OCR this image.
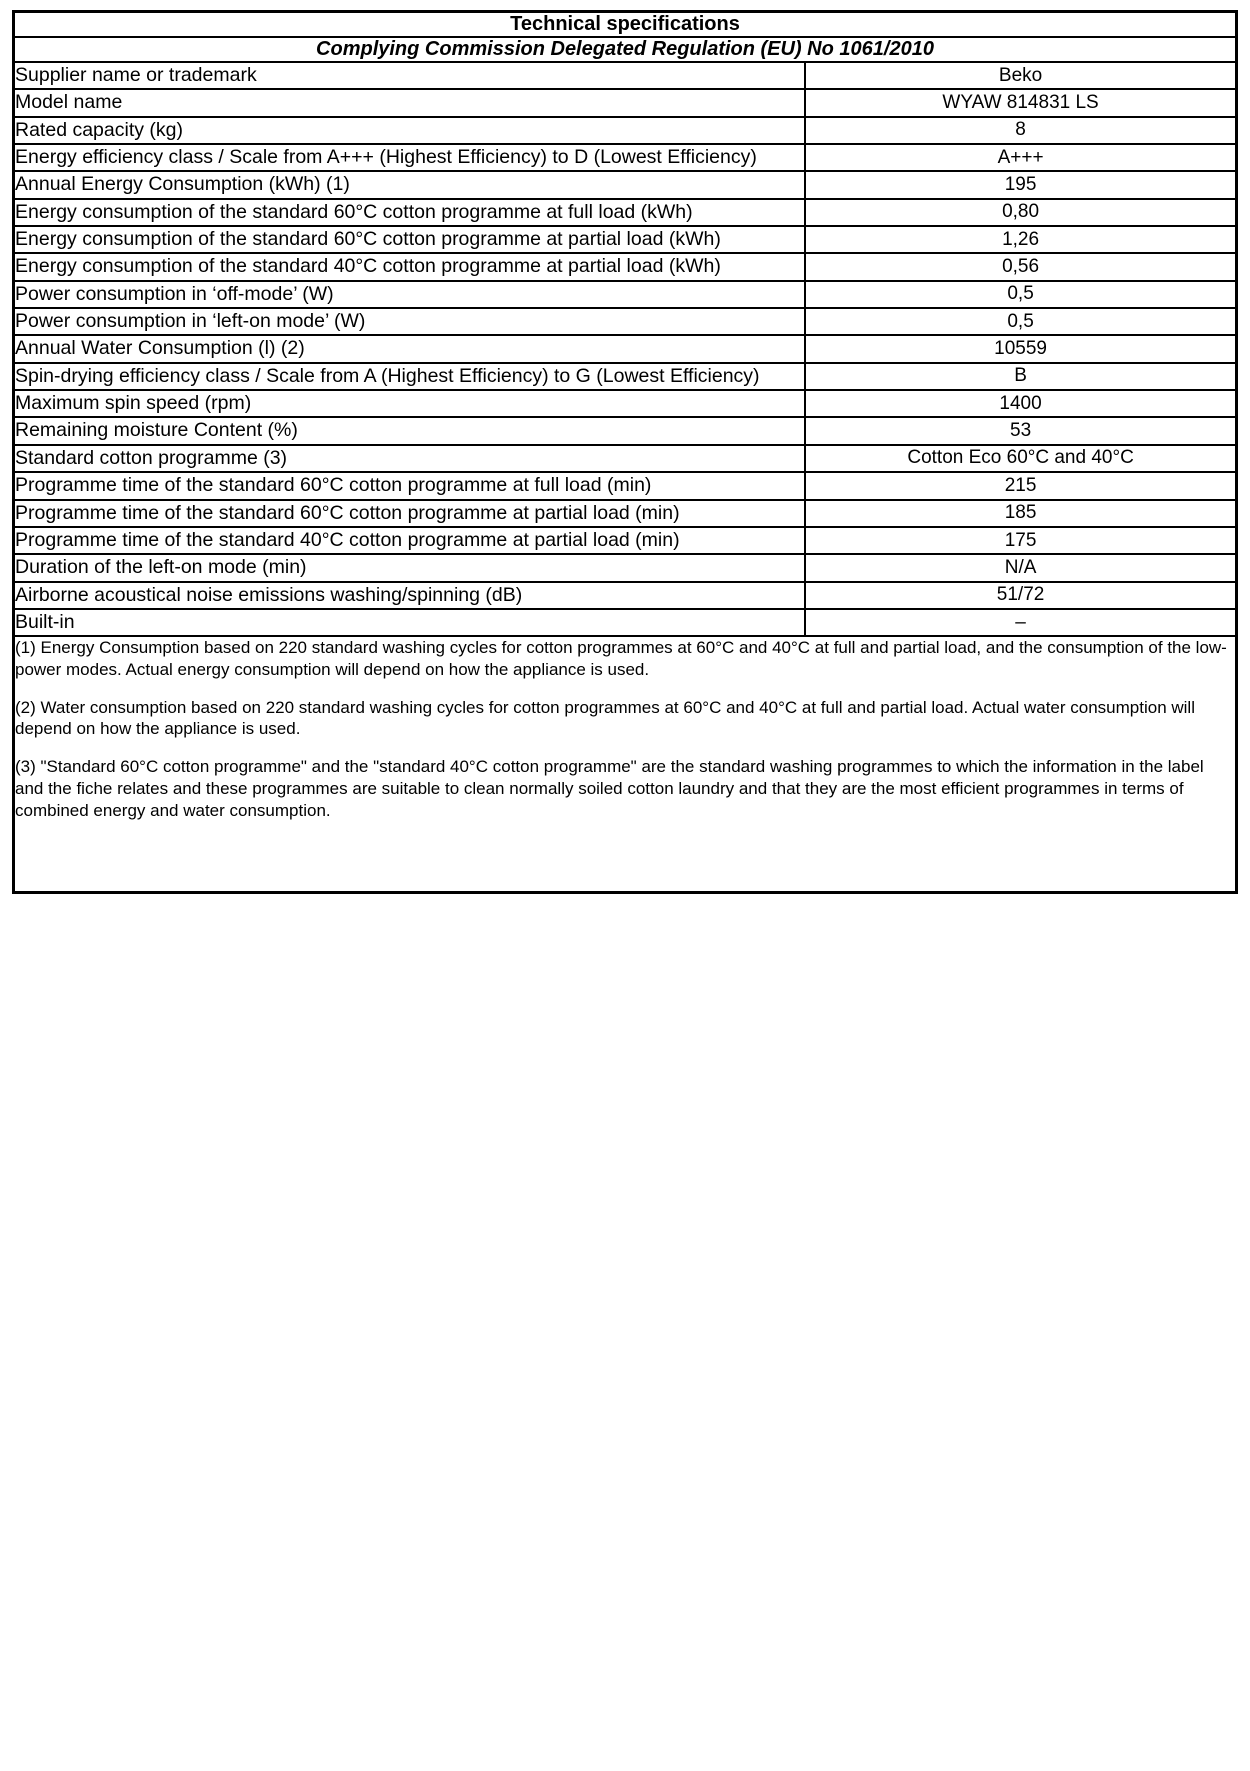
Technical specifications	
Complying Commission Delegated Regulation (EU) No 1061/2010	
Supplier name or trademark	Beko
Model name	WYAW 814831 LS
Rated capacity (kg)	8
Energy efficiency class / Scale from A+++ (Highest Efficiency) to D (Lowest Efficiency)	A+++
Annual Energy Consumption (kWh) (1)	195
Energy consumption of the standard 60°C cotton programme at full load (kWh)	0,80
Energy consumption of the standard 60°C cotton programme at partial load (kWh)	1,26
Energy consumption of the standard 40°C cotton programme at partial load (kWh)	0,56
Power consumption in ‘off-mode’ (W)	0,5
Power consumption in ‘left-on mode’ (W)	0,5
Annual Water Consumption (l) (2)	10559
Spin-drying efficiency class / Scale from A (Highest Efficiency) to G (Lowest Efficiency)	B
Maximum spin speed (rpm)	1400
Remaining moisture Content (%)	53
Standard cotton programme (3)	Cotton Eco 60°C and 40°C
Programme time of the standard 60°C cotton programme at full load (min)	215
Programme time of the standard 60°C cotton programme at partial load (min)	185
Programme time of the standard 40°C cotton programme at partial load (min)	175
Duration of the left-on mode (min)	N/A
Airborne acoustical noise emissions washing/spinning (dB)	51/72
Built-in	–

(1) Energy Consumption based on 220 standard washing cycles for cotton programmes at 60°C and 40°C at full and partial load, and the consumption of the low-power modes. Actual energy consumption will depend on how the appliance is used.

(2) Water consumption based on 220 standard washing cycles for cotton programmes at 60°C and 40°C at full and partial load. Actual water consumption will depend on how the appliance is used.

(3) "Standard 60°C cotton programme" and the "standard 40°C cotton programme" are the standard washing programmes to which the information in the label and the fiche relates and these programmes are suitable to clean normally soiled cotton laundry and that they are the most efficient programmes in terms of combined energy and water consumption.	
